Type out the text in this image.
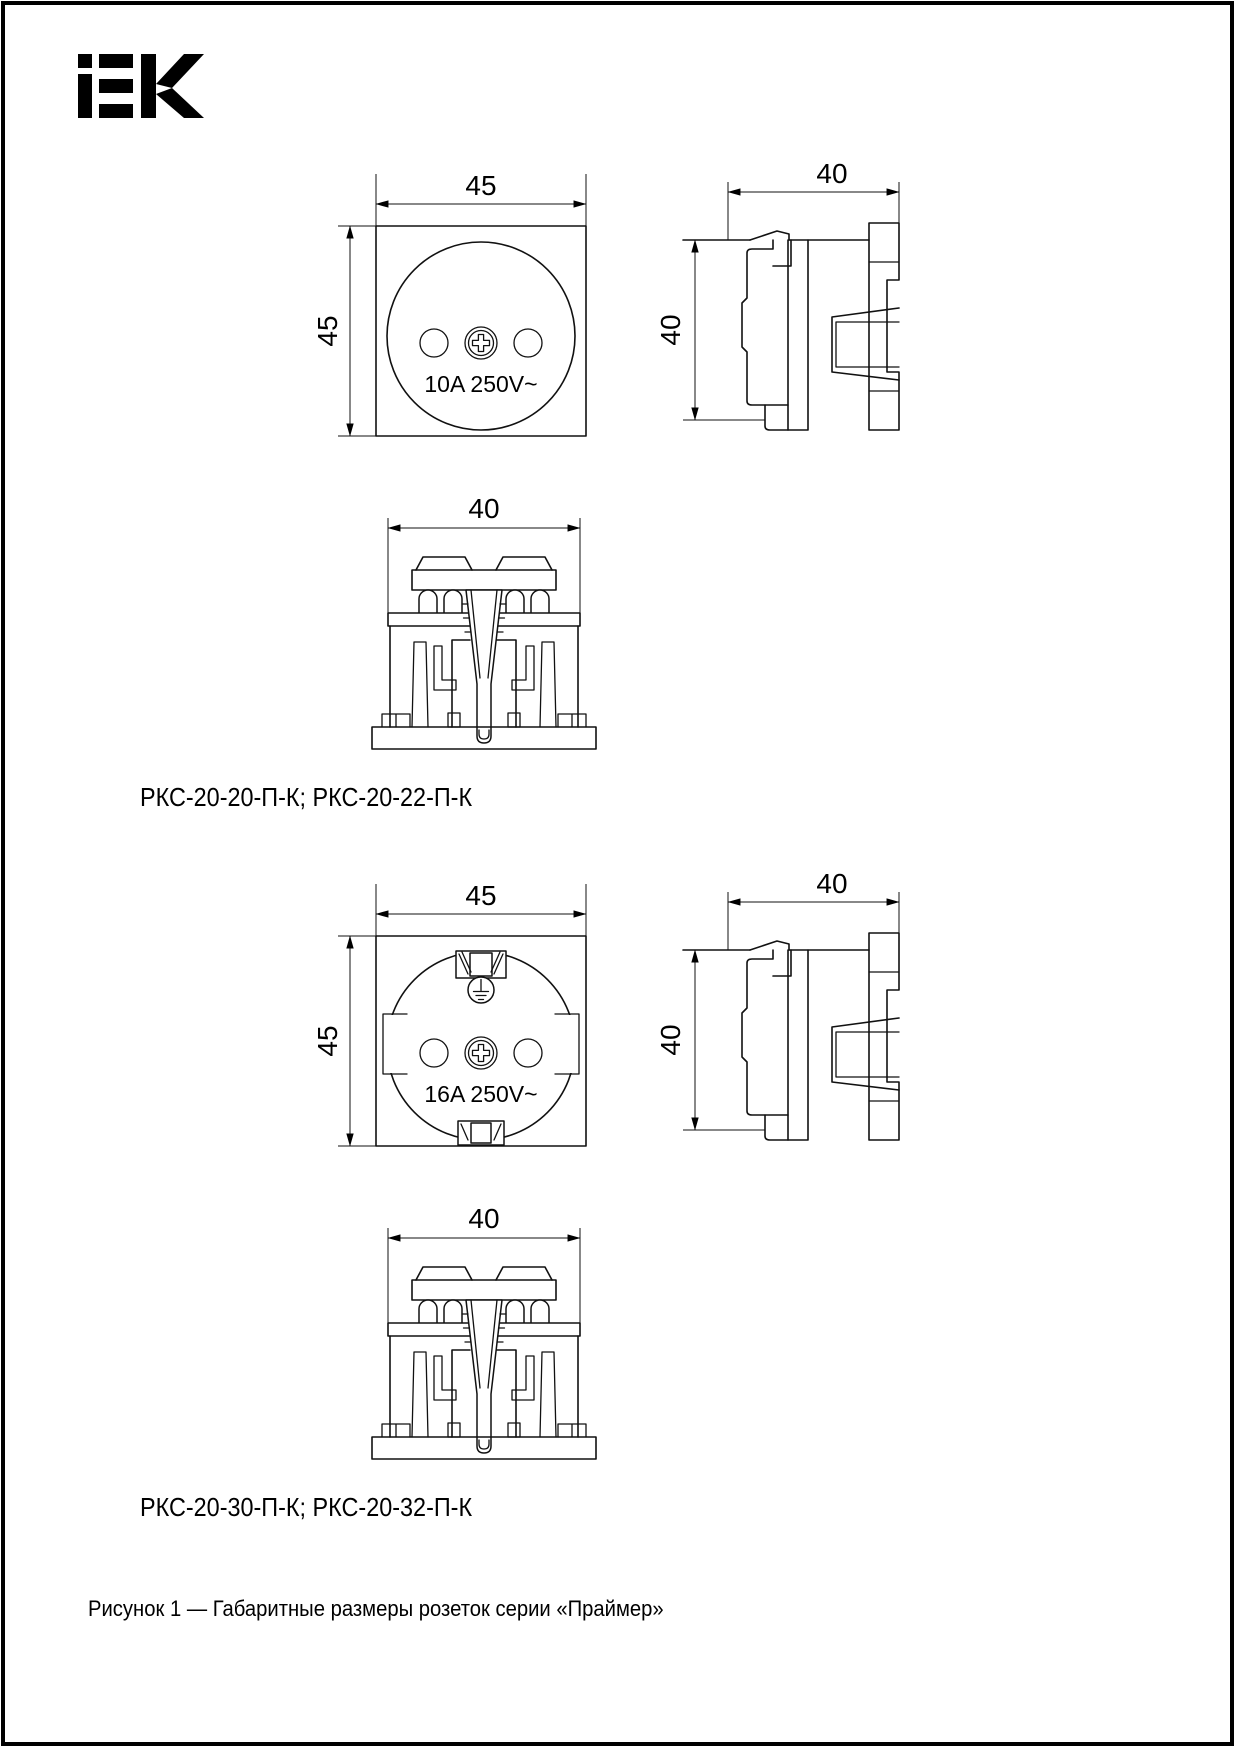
45
45
10A 250V~
40
40
40
РКС-20-20-П-К; РКС-20-22-П-К
45
45
16A 250V~
40
40
40
РКС-20-30-П-К; РКС-20-32-П-К
Рисунок 1 — Габаритные размеры розеток серии «Праймер»
